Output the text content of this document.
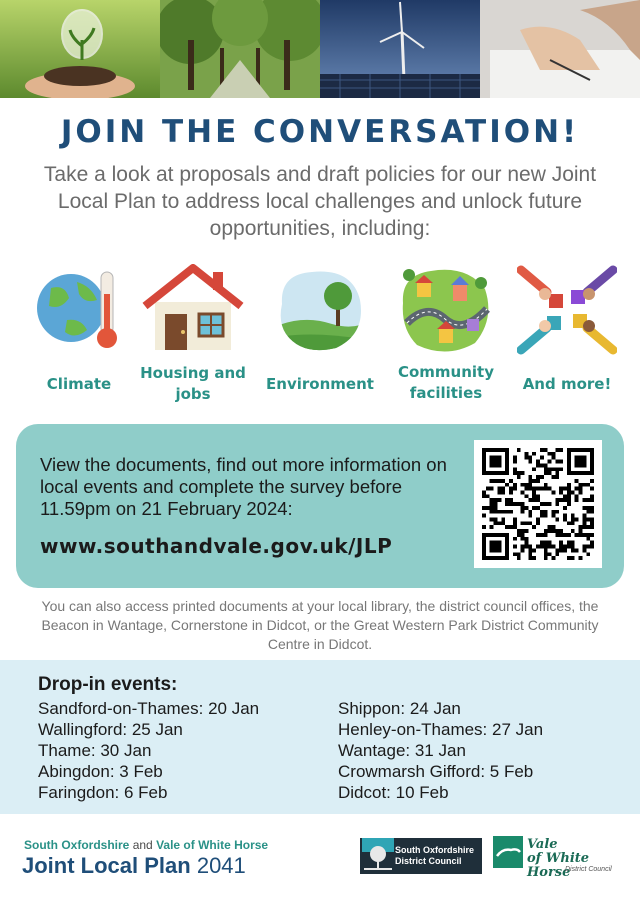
JOIN THE CONVERSATION!
Take a look at proposals and draft policies for our new Joint Local Plan to address local challenges and unlock future opportunities, including:
Climate
Housing and jobs
Environment
Community facilities	And more!
View the documents, find out more information on local events and complete the survey before 11.59pm on 21 February 2024:
www.southandvale.gov.uk/JLP
You can also access printed documents at your local library, the district council offices, the Beacon in Wantage, Cornerstone in Didcot, or the Great Western Park District Community Centre in Didcot.
Drop-in events:
Sandford-on-Thames: 20 Jan
Wallingford: 25 Jan
Thame: 30 Jan
Abingdon: 3 Feb
Faringdon: 6 Feb
Shippon: 24 Jan
Henley-on-Thames: 27 Jan
Wantage: 31 Jan
Crowmarsh Gifford: 5 Feb
Didcot: 10 Feb
South Oxfordshire and Vale of White Horse
Joint Local Plan 2041
South Oxfordshire
District Council
Vale
of White Horse
District Council
